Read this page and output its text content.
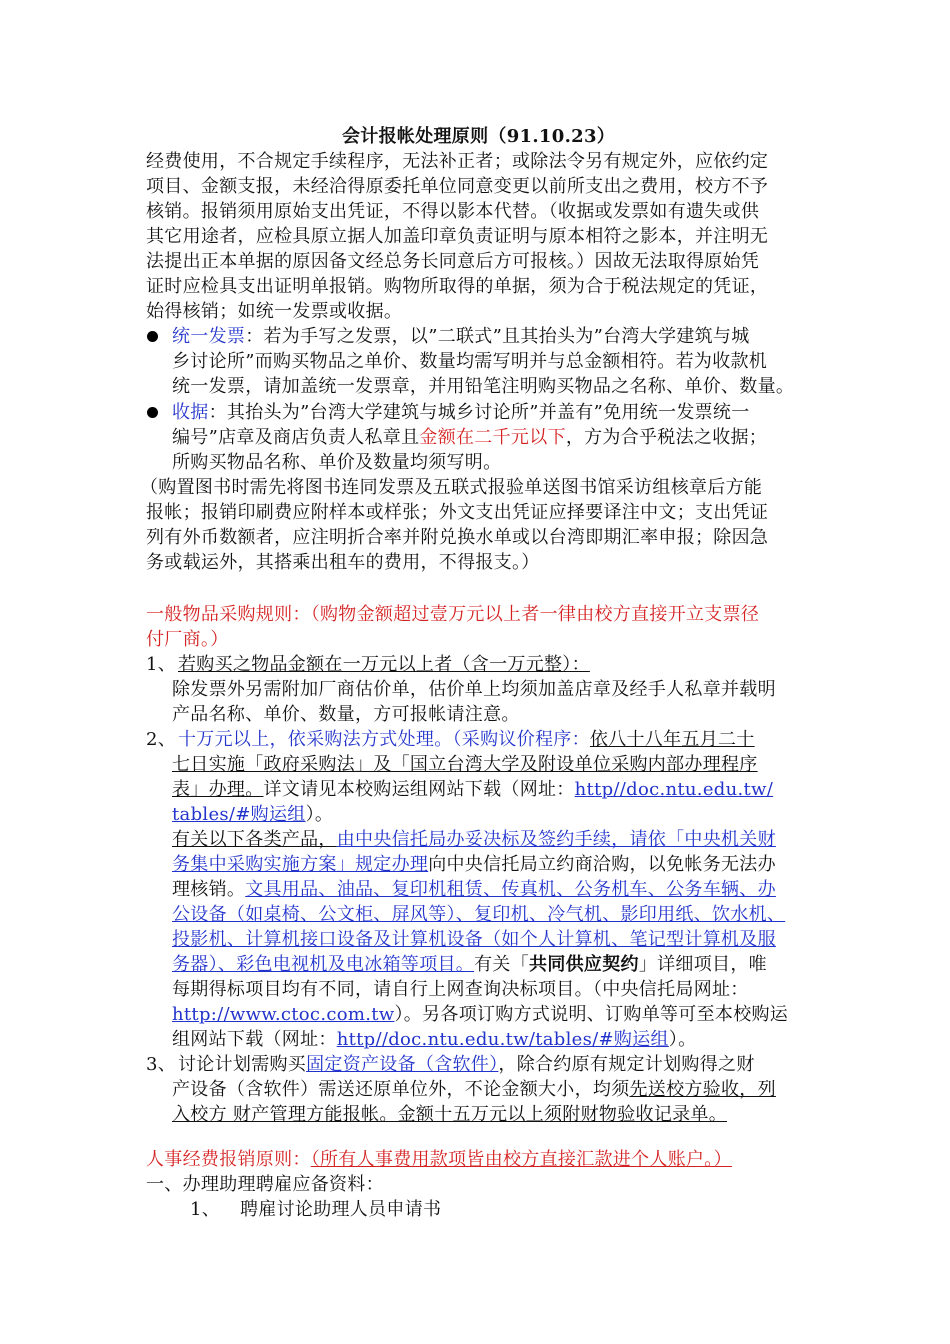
会计报帐处理原则（91.10.23）
经费使用，不合规定手续程序，无法补正者；或除法令另有规定外，应依约定
项目、金额支报，未经洽得原委托单位同意变更以前所支出之费用，校方不予
核销。报销须用原始支出凭证，不得以影本代替。（收据或发票如有遗失或供
其它用途者，应检具原立据人加盖印章负责证明与原本相符之影本，并注明无
法提出正本单据的原因备文经总务长同意后方可报核。）因故无法取得原始凭
证时应检具支出证明单报销。购物所取得的单据，须为合于税法规定的凭证，
始得核销；如统一发票或收据。
统一发票：若为手写之发票，以”二联式”且其抬头为”台湾大学建筑与城
乡讨论所”而购买物品之单价、数量均需写明并与总金额相符。若为收款机
统一发票，请加盖统一发票章，并用铅笔注明购买物品之名称、单价、数量。
收据：其抬头为”台湾大学建筑与城乡讨论所”并盖有”免用统一发票统一
编号”店章及商店负责人私章且金额在二千元以下，方为合乎税法之收据；
所购买物品名称、单价及数量均须写明。
（购置图书时需先将图书连同发票及五联式报验单送图书馆采访组核章后方能
报帐；报销印刷费应附样本或样张；外文支出凭证应择要译注中文；支出凭证
列有外币数额者，应注明折合率并附兑换水单或以台湾即期汇率申报；除因急
务或载运外，其搭乘出租车的费用，不得报支。）
一般物品采购规则：（购物金额超过壹万元以上者一律由校方直接开立支票径
付厂商。）
1、 若购买之物品金额在一万元以上者（含一万元整）：
除发票外另需附加厂商估价单，估价单上均须加盖店章及经手人私章并载明
产品名称、单价、数量，方可报帐请注意。
2、 十万元以上，依采购法方式处理。（采购议价程序：依八十八年五月二十
七日实施「政府采购法」及「国立台湾大学及附设单位采购内部办理程序
表」办理。详文请见本校购运组网站下载（网址：http//doc.ntu.edu.tw/
tables/#购运组）。
有关以下各类产品，由中央信托局办妥决标及签约手续，请依「中央机关财
务集中采购实施方案」规定办理向中央信托局立约商洽购，以免帐务无法办
理核销。文具用品、油品、复印机租赁、传真机、公务机车、公务车辆、办
公设备（如桌椅、公文柜、屏风等）、复印机、冷气机、影印用纸、饮水机、
投影机、计算机接口设备及计算机设备（如个人计算机、笔记型计算机及服
务器）、彩色电视机及电冰箱等项目。有关「共同供应契约」详细项目，唯
每期得标项目均有不同，请自行上网查询决标项目。（中央信托局网址：
http://www.ctoc.com.tw）。另各项订购方式说明、订购单等可至本校购运
组网站下载（网址：http//doc.ntu.edu.tw/tables/#购运组）。
3、 讨论计划需购买固定资产设备（含软件），除合约原有规定计划购得之财
产设备（含软件）需送还原单位外，不论金额大小，均须先送校方验收，列
入校方 财产管理方能报帐。金额十五万元以上须附财物验收记录单。
人事经费报销原则：（所有人事费用款项皆由校方直接汇款进个人账户。）
一、办理助理聘雇应备资料：
1、 聘雇讨论助理人员申请书
